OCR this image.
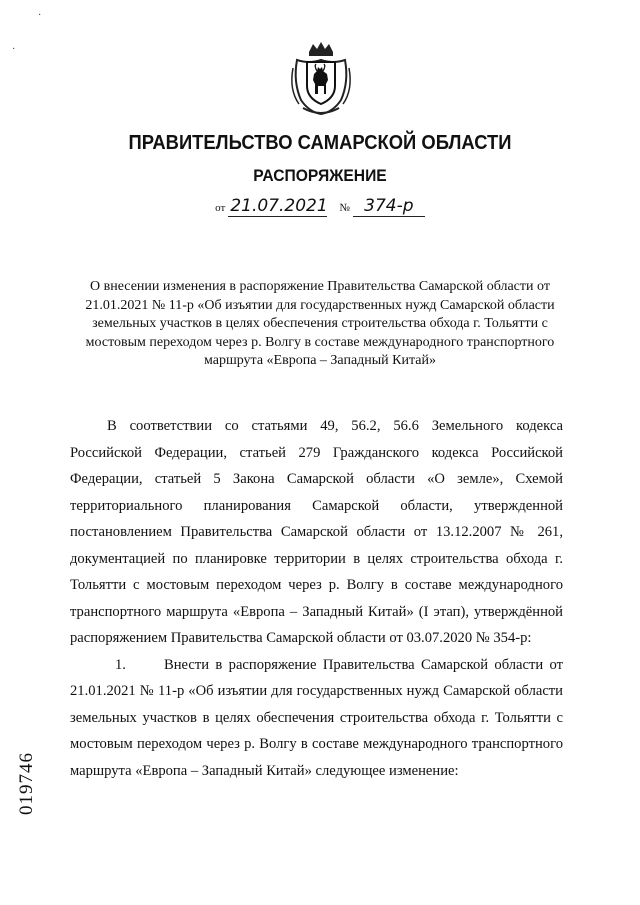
·
·
ПРАВИТЕЛЬСТВО САМАРСКОЙ ОБЛАСТИ
РАСПОРЯЖЕНИЕ
от 21.07.2021 № 374-р
О внесении изменения в распоряжение Правительства Самарской области от 21.01.2021 № 11-р «Об изъятии для государственных нужд Самарской области земельных участков в целях обеспечения строительства обхода г. Тольятти с мостовым переходом через р. Волгу в составе международного транспортного маршрута «Европа – Западный Китай»

В соответствии со статьями 49, 56.2, 56.6 Земельного кодекса Российской Федерации, статьей 279 Гражданского кодекса Российской Федерации, статьей 5 Закона Самарской области «О земле», Схемой территориального планирования Самарской области, утвержденной постановлением Правительства Самарской области от 13.12.2007 № 261, документацией по планировке территории в целях строительства обхода г. Тольятти с мостовым переходом через р. Волгу в составе международного транспортного маршрута «Европа – Западный Китай» (I этап), утверждённой распоряжением Правительства Самарской области от 03.07.2020 № 354-р:

1.	Внести в распоряжение Правительства Самарской области от 21.01.2021 № 11-р «Об изъятии для государственных нужд Самарской области земельных участков в целях обеспечения строительства обхода г. Тольятти с мостовым переходом через р. Волгу в составе международного транспортного маршрута «Европа – Западный Китай» следующее изменение:

019746
